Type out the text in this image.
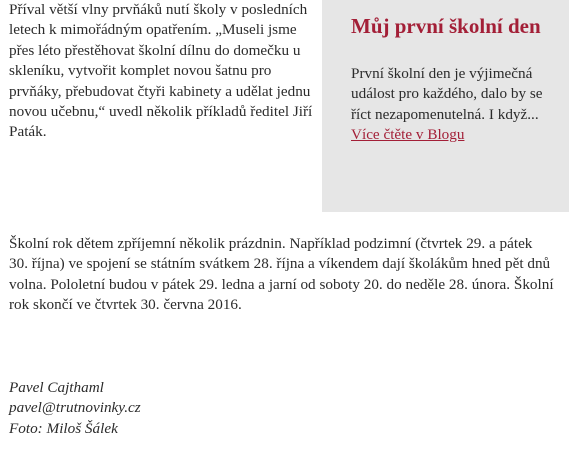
Příval větší vlny prvňáků nutí školy v posledních letech k mimořádným opatřením. „Museli jsme přes léto přestěhovat školní dílnu do domečku u skleníku, vytvořit komplet novou šatnu pro prvňáky, přebudovat čtyři kabinety a udělat jednu novou učebnu,“ uvedl několik příkladů ředitel Jiří Paták.

Můj první školní den

První školní den je výjimečná událost pro každého, dalo by se říct nezapomenutelná. I když... Více čtěte v Blogu

Školní rok dětem zpříjemní několik prázdnin. Například podzimní (čtvrtek 29. a pátek 30. října) ve spojení se státním svátkem 28. října a víkendem dají školákům hned pět dnů volna. Pololetní budou v pátek 29. ledna a jarní od soboty 20. do neděle 28. února. Školní rok skončí ve čtvrtek 30. června 2016.

Pavel Cajthaml
pavel@trutnovinky.cz
Foto: Miloš Šálek
